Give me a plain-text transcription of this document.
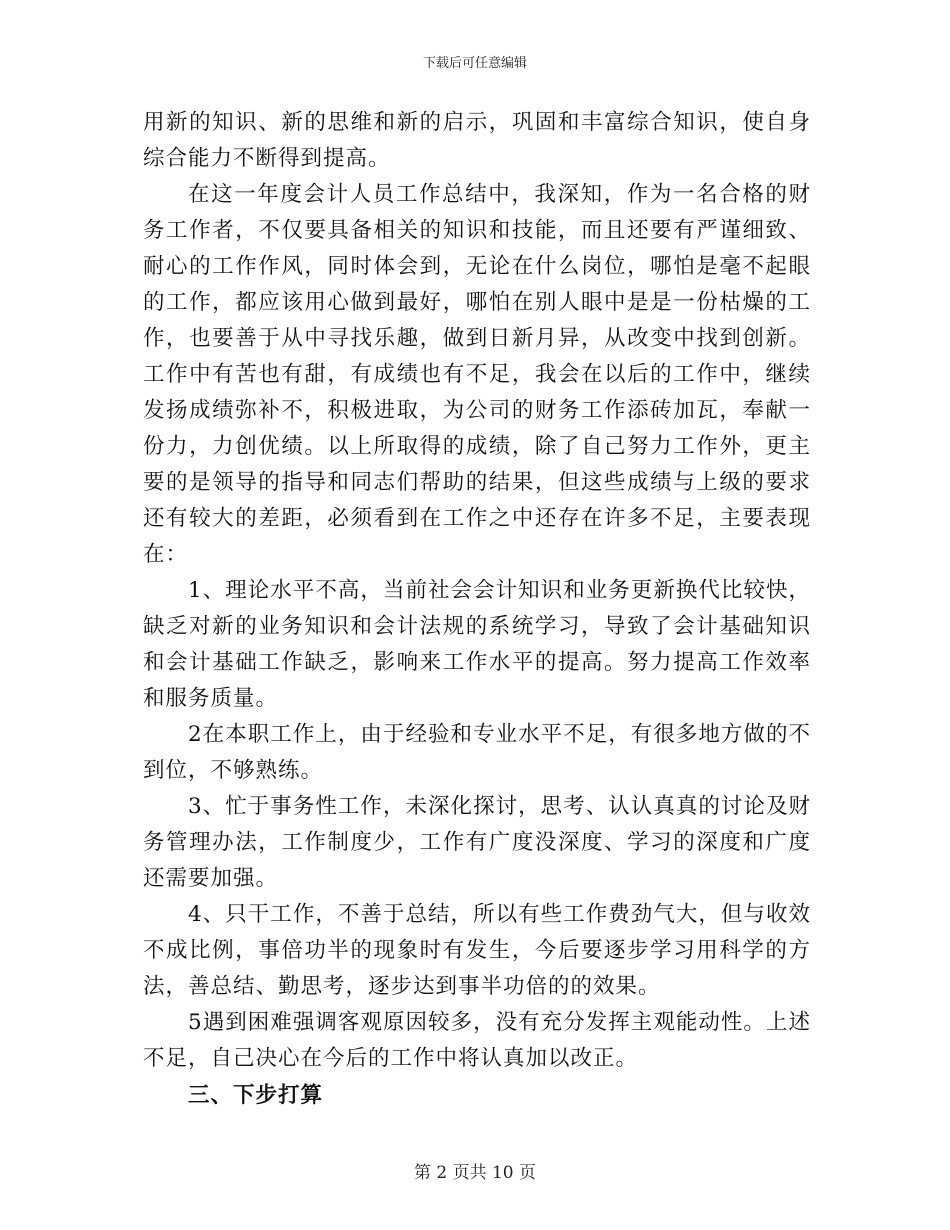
下载后可任意编辑

用新的知识、新的思维和新的启示，巩固和丰富综合知识，使自身综合能力不断得到提高。

在这一年度会计人员工作总结中，我深知，作为一名合格的财务工作者，不仅要具备相关的知识和技能，而且还要有严谨细致、耐心的工作作风，同时体会到，无论在什么岗位，哪怕是毫不起眼的工作，都应该用心做到最好，哪怕在别人眼中是是一份枯燥的工作，也要善于从中寻找乐趣，做到日新月异，从改变中找到创新。工作中有苦也有甜，有成绩也有不足，我会在以后的工作中，继续发扬成绩弥补不，积极进取，为公司的财务工作添砖加瓦，奉献一份力，力创优绩。以上所取得的成绩，除了自己努力工作外，更主要的是领导的指导和同志们帮助的结果，但这些成绩与上级的要求还有较大的差距，必须看到在工作之中还存在许多不足，主要表现在：

1、理论水平不高，当前社会会计知识和业务更新换代比较快，缺乏对新的业务知识和会计法规的系统学习，导致了会计基础知识和会计基础工作缺乏，影响来工作水平的提高。努力提高工作效率和服务质量。

2在本职工作上，由于经验和专业水平不足，有很多地方做的不到位，不够熟练。

3、忙于事务性工作，未深化探讨，思考、认认真真的讨论及财务管理办法，工作制度少，工作有广度没深度、学习的深度和广度还需要加强。

4、只干工作，不善于总结，所以有些工作费劲气大，但与收效不成比例，事倍功半的现象时有发生，今后要逐步学习用科学的方法，善总结、勤思考，逐步达到事半功倍的的效果。

5遇到困难强调客观原因较多，没有充分发挥主观能动性。上述不足，自己决心在今后的工作中将认真加以改正。

三、下步打算

第 2 页共 10 页
